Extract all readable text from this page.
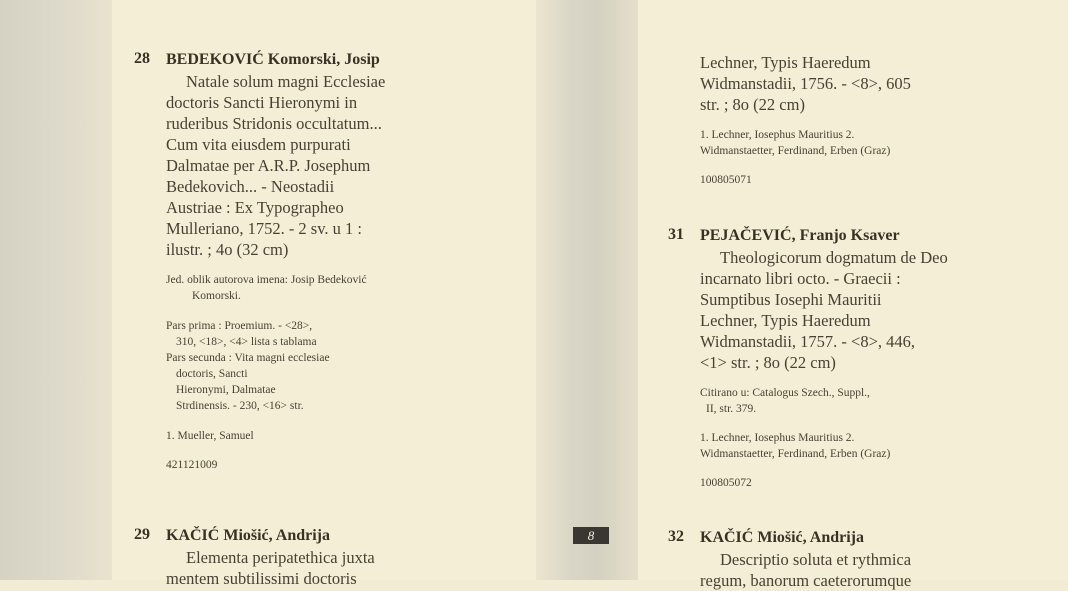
28 BEDEKOVIĆ Komorski, Josip
Natale solum magni Ecclesiae
doctoris Sancti Hieronymi in
ruderibus Stridonis occultatum...
Cum vita eiusdem purpurati
Dalmatae per A.R.P. Josephum
Bedekovich... - Neostadii
Austriae : Ex Typographeo
Mulleriano, 1752. - 2 sv. u 1 :
ilustr. ; 4o (32 cm)
Jed. oblik autorova imena: Josip Bedeković
Komorski.
Pars prima : Proemium. - <28>,
310, <18>, <4> lista s tablama
Pars secunda : Vita magni ecclesiae
doctoris, Sancti
Hieronymi, Dalmatae
Strdinensis. - 230, <16> str.
1. Mueller, Samuel
421121009
29 KAČIĆ Miošić, Andrija
Elementa peripatethica juxta
mentem subtilissimi doctoris
8
Lechner, Typis Haeredum
Widmanstadii, 1756. - <8>, 605
str. ; 8o (22 cm)
1. Lechner, Iosephus Mauritius 2.
Widmanstaetter, Ferdinand, Erben (Graz)
100805071
31 PEJAČEVIĆ, Franjo Ksaver
Theologicorum dogmatum de Deo
incarnato libri octo. - Graecii :
Sumptibus Iosephi Mauritii
Lechner, Typis Haeredum
Widmanstadii, 1757. - <8>, 446,
<1> str. ; 8o (22 cm)
Citirano u: Catalogus Szech., Suppl.,
II, str. 379.
1. Lechner, Iosephus Mauritius 2.
Widmanstaetter, Ferdinand, Erben (Graz)
100805072
32 KAČIĆ Miošić, Andrija
Descriptio soluta et rythmica
regum, banorum caeterorumque
